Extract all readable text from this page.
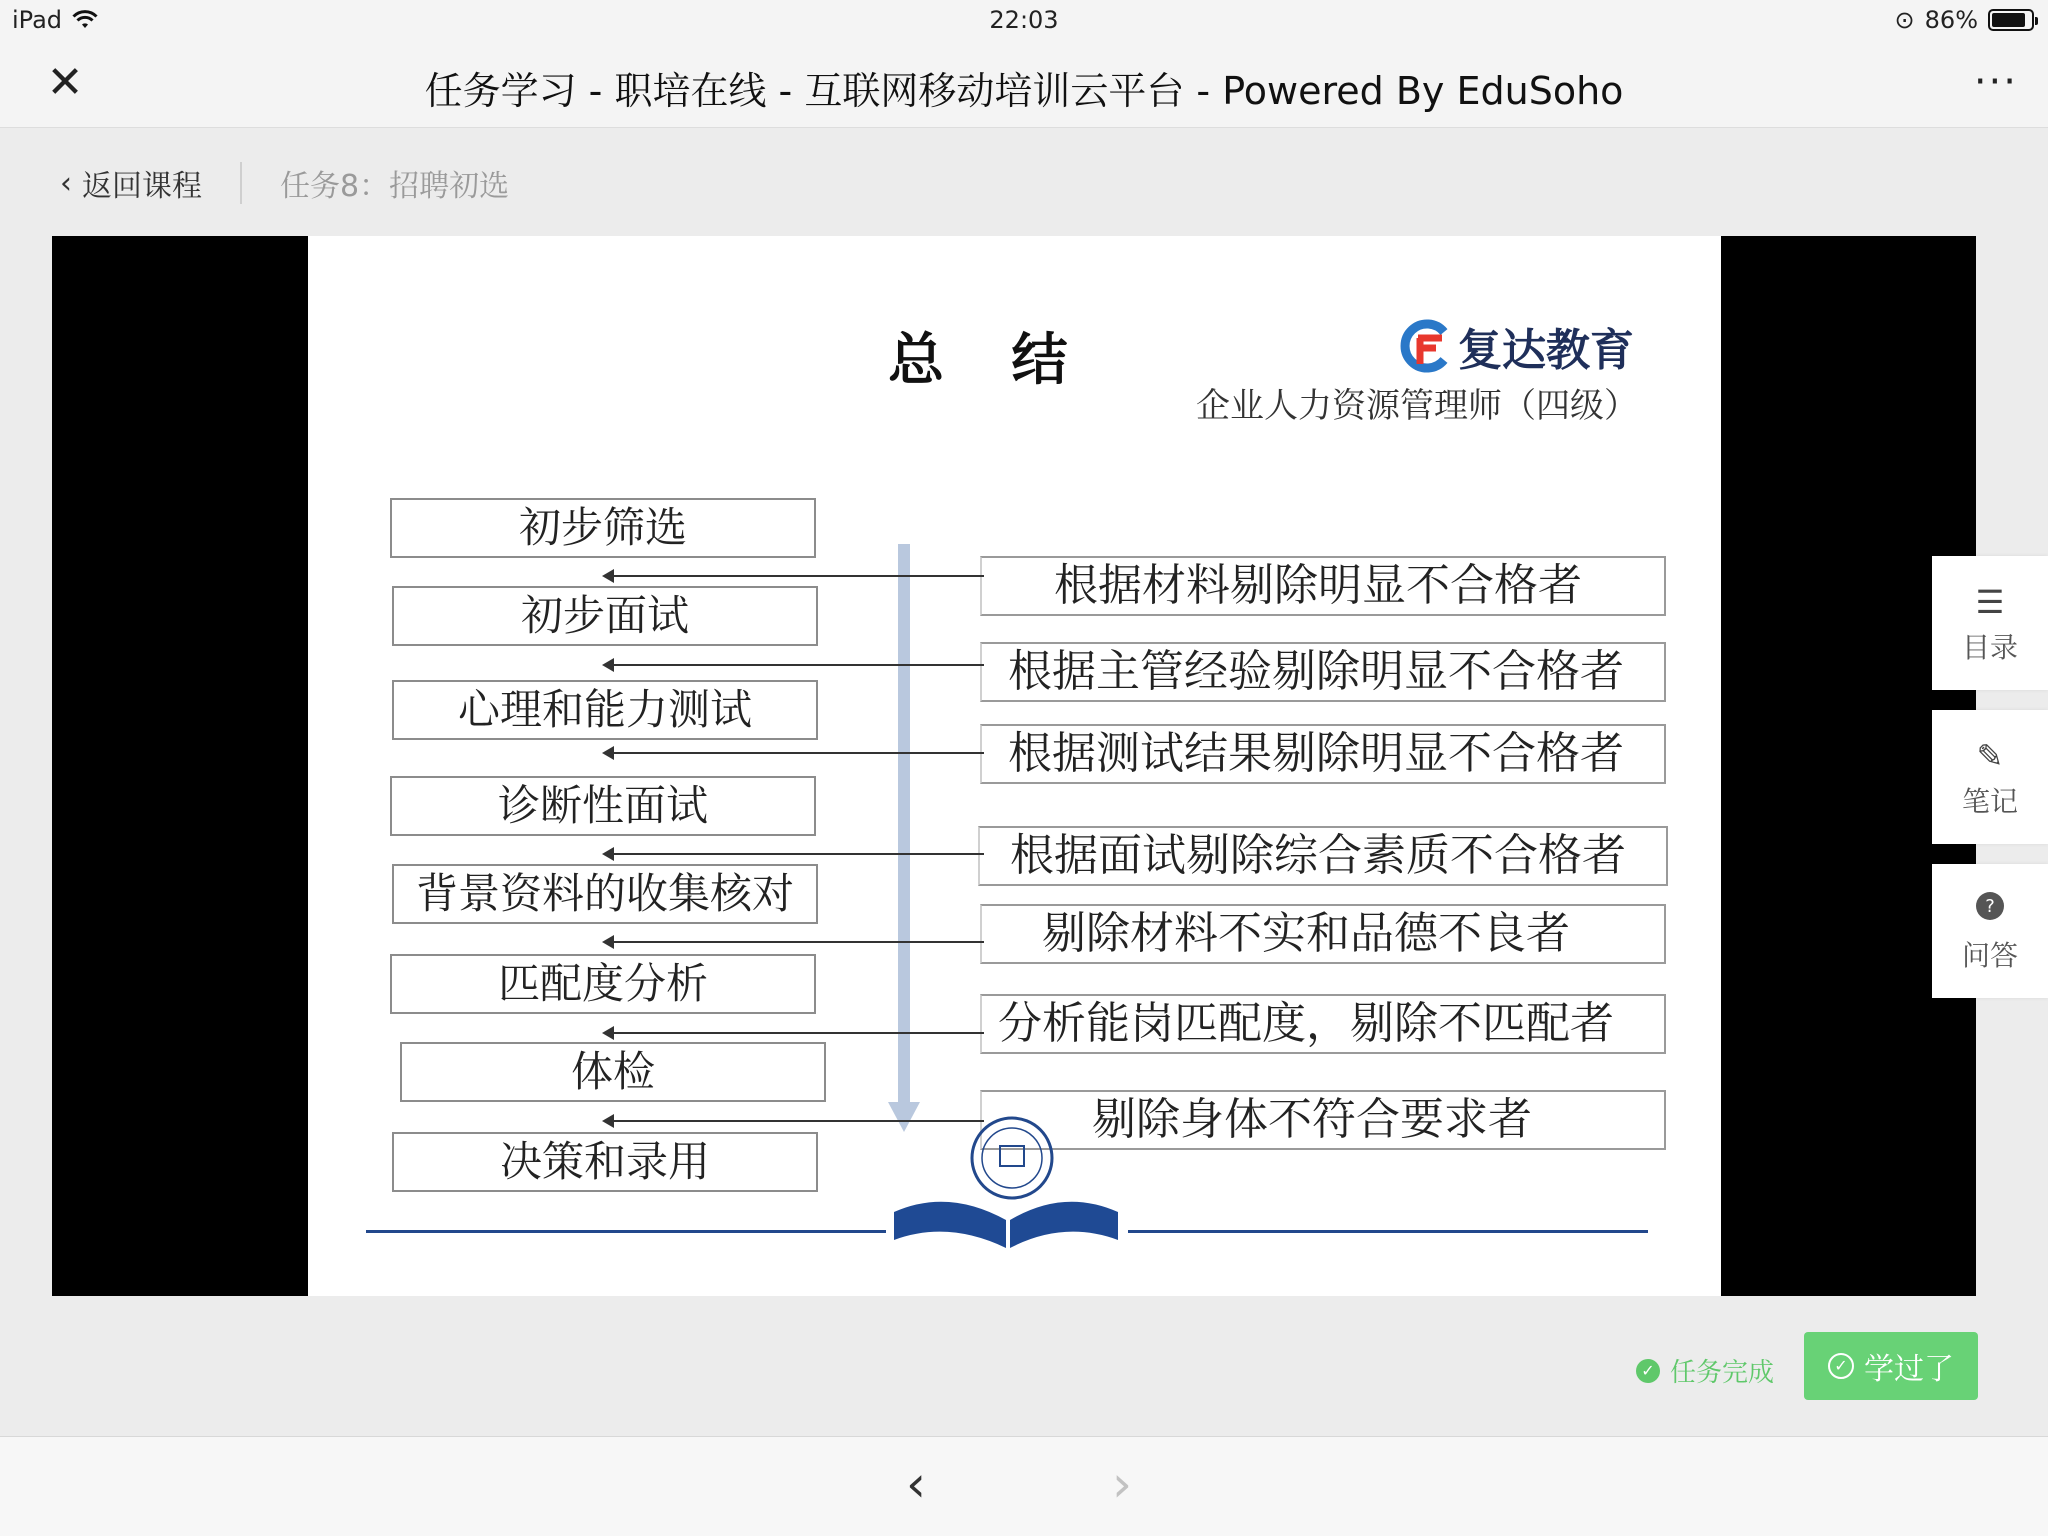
iPad	22:03	⊙ 86%
✕	任务学习 - 职培在线 - 互联网移动培训云平台 - Powered By EduSoho	···
‹ 返回课程	任务8：招聘初选
总 结	复达教育
企业人力资源管理师（四级）
初步筛选
初步面试
心理和能力测试
诊断性面试
背景资料的收集核对
匹配度分析
体检
决策和录用
根据材料剔除明显不合格者
根据主管经验剔除明显不合格者
根据测试结果剔除明显不合格者
根据面试剔除综合素质不合格者
剔除材料不实和品德不良者
分析能岗匹配度，剔除不匹配者
剔除身体不符合要求者
☰
目录
✎
笔记
?
问答
✓ 任务完成	✓ 学过了
‹	›
